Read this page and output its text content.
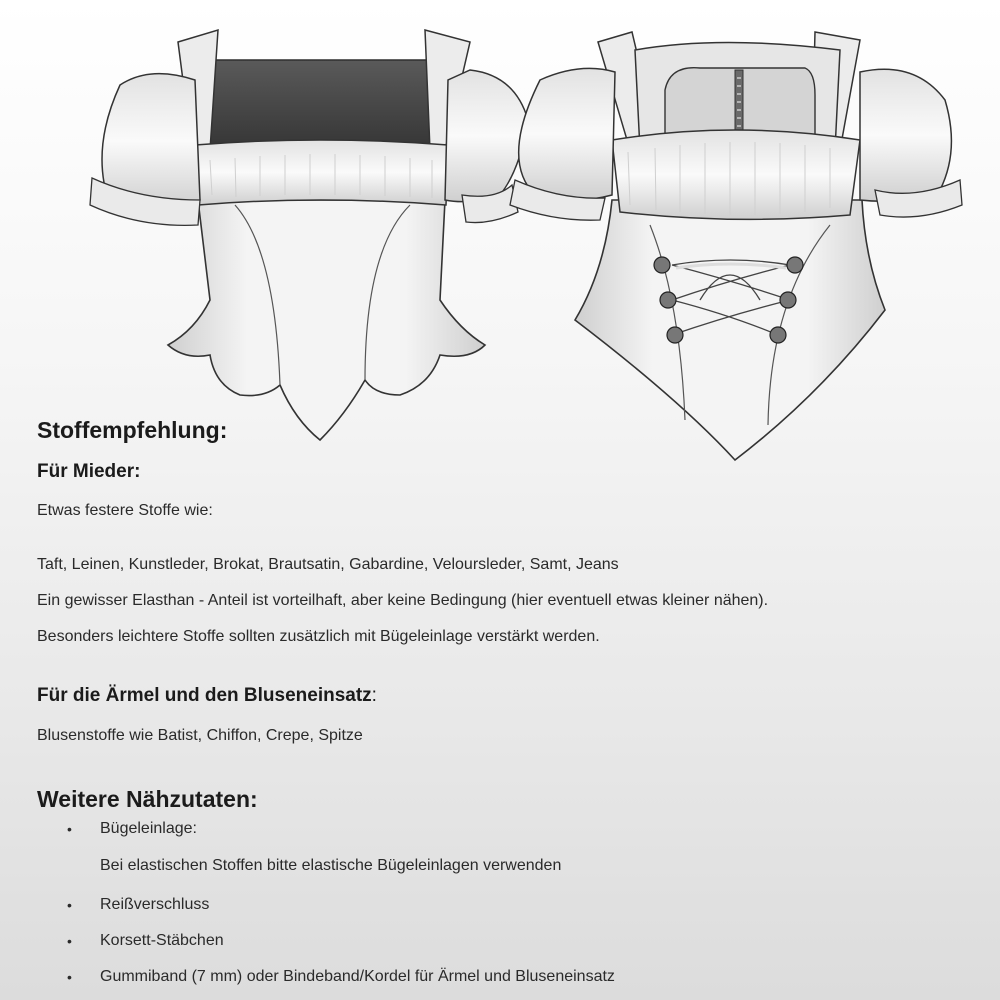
Stoffempfehlung:
Für Mieder:
Etwas festere Stoffe wie:
Taft, Leinen, Kunstleder, Brokat, Brautsatin, Gabardine, Veloursleder, Samt, Jeans
Ein gewisser Elasthan - Anteil ist vorteilhaft, aber keine Bedingung (hier eventuell etwas kleiner nähen).
Besonders leichtere Stoffe sollten zusätzlich mit Bügeleinlage verstärkt werden.
Für die Ärmel und den Bluseneinsatz:
Blusenstoffe wie Batist, Chiffon, Crepe, Spitze
Weitere Nähzutaten:
• Bügeleinlage:
Bei elastischen Stoffen bitte elastische Bügeleinlagen verwenden
• Reißverschluss
• Korsett-Stäbchen
• Gummiband (7 mm) oder Bindeband/Kordel für Ärmel und Bluseneinsatz
